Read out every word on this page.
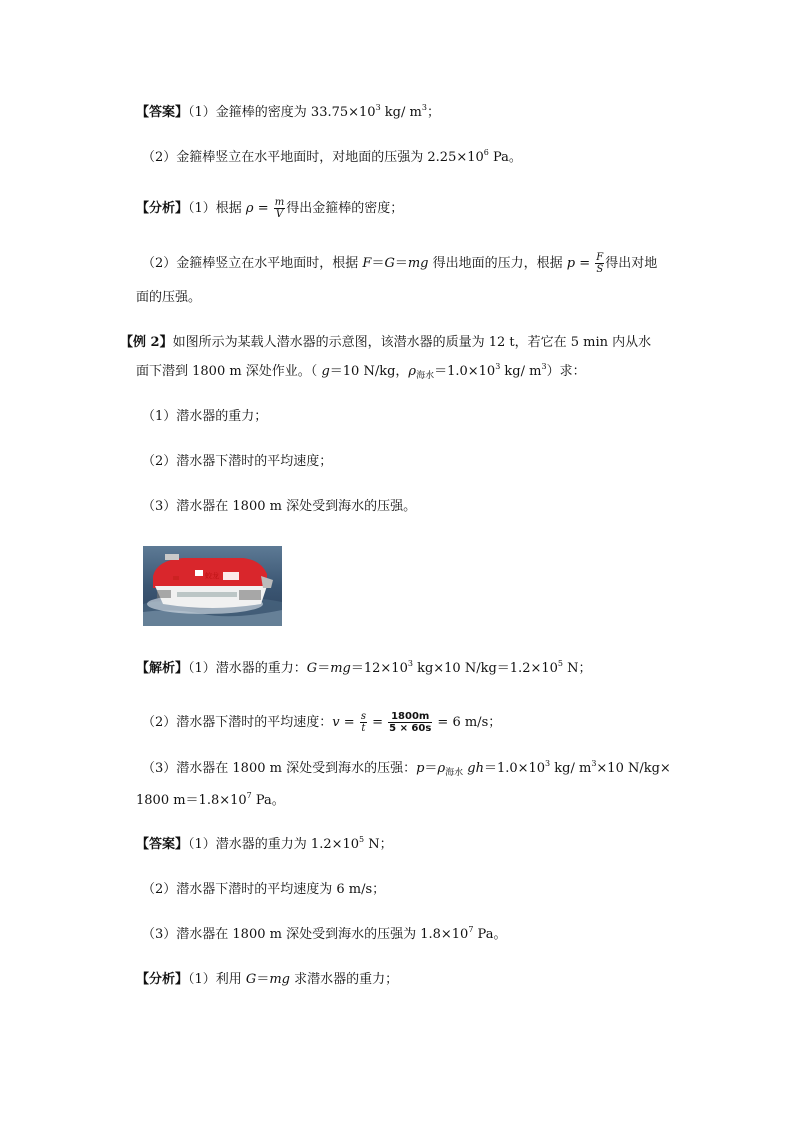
【答案】（1）金箍棒的密度为 $33.75\times 10^3$ kg/ $m^3$；
（2）金箍棒竖立在水平地面时，对地面的压强为 $2.25\times 10^6$ Pa。
【分析】（1）根据 $\rho = \frac{m}{V}$ 得出金箍棒的密度；
（2）金箍棒竖立在水平地面时，根据 F＝G＝mg 得出地面的压力，根据 $p = \frac{F}{S}$ 得出对地
面的压强。
【例 2】如图所示为某载人潜水器的示意图，该潜水器的质量为 12 t，若它在 5 min 内从水
面下潜到 1800 m 深处作业。（ g＝10 N/kg，$\rho_{海水}=1.0\times 10^3$ kg/ $m^3$）求：
（1）潜水器的重力；
（2）潜水器下潜时的平均速度；
（3）潜水器在 1800 m 深处受到海水的压强。
蛟龙
【解析】（1）潜水器的重力：$G=mg=12\times 10^3$ kg×10 $N/kg=1.2\times 10^5$ N；
（2）潜水器下潜时的平均速度：$v = \frac{s}{t} = \frac{1800m}{5 \times 60s} = 6$ m/s；
（3）潜水器在 1800 m 深处受到海水的压强：$p=\rho_{海水}$ $gh=1.0\times 10^3$ kg/ $m^3\times 10$ N/kg×
1800 $m=1.8\times 10^7$ Pa。
【答案】（1）潜水器的重力为 $1.2\times 10^5$ N；
（2）潜水器下潜时的平均速度为 6 m/s；
（3）潜水器在 1800 m 深处受到海水的压强为 $1.8\times 10^7$ Pa。
【分析】（1）利用 G＝mg 求潜水器的重力；
